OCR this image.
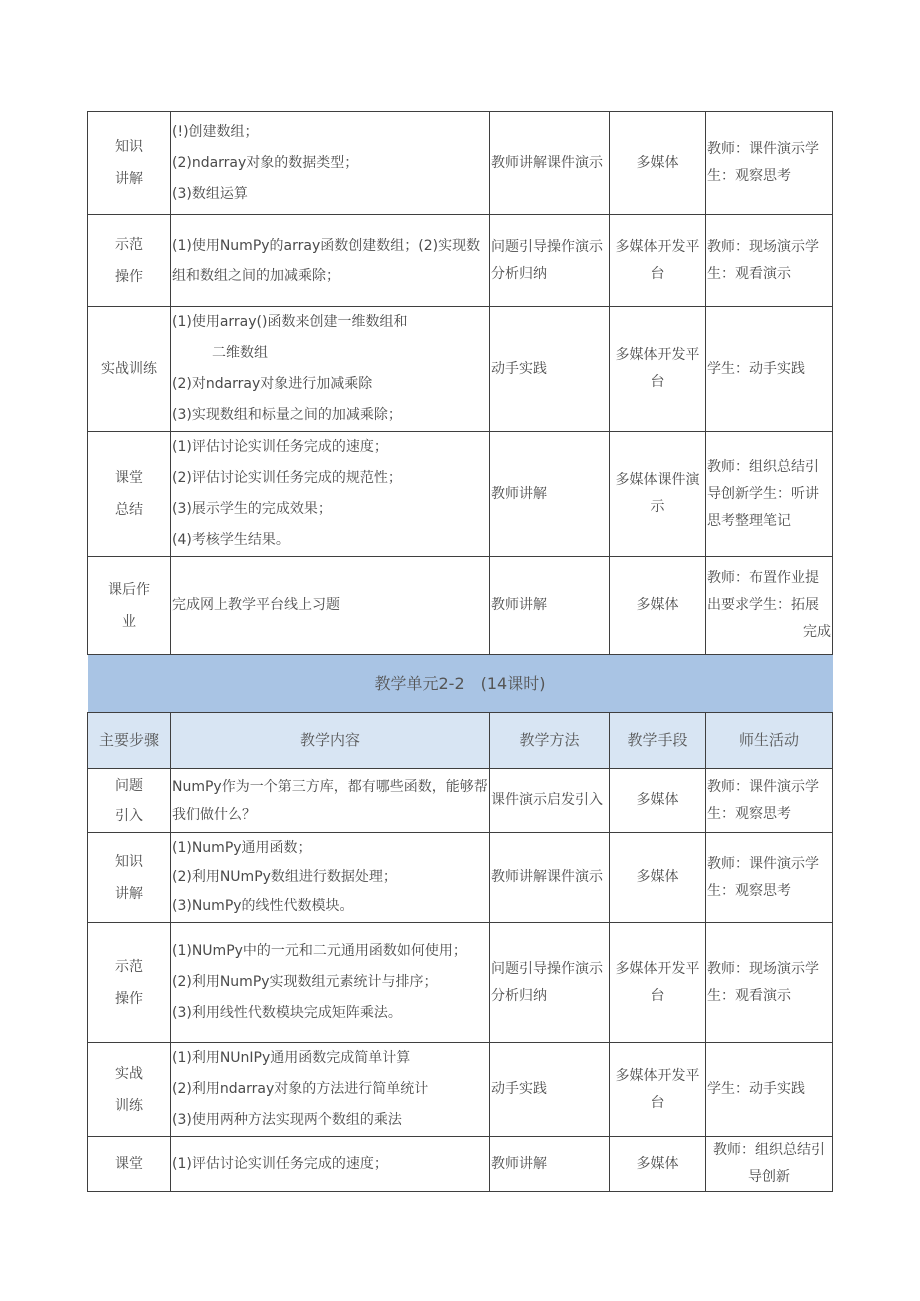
知识
讲解	(!)创建数组；
(2)ndarray对象的数据类型；
(3)数组运算	教师讲解课件演示	多媒体	教师：课件演示学生：观察思考

示范
操作	(1)使用NumPy的array函数创建数组；(2)实现数组和数组之间的加减乘除；	问题引导操作演示分析归纳	多媒体开发平台	教师：现场演示学生：观看演示

实战训练	(1)使用array()函数来创建一维数组和
二维数组
(2)对ndarray对象进行加减乘除
(3)实现数组和标量之间的加减乘除；	动手实践	多媒体开发平台	学生：动手实践

课堂
总结	(1)评估讨论实训任务完成的速度；
(2)评估讨论实训任务完成的规范性；
(3)展示学生的完成效果；
(4)考核学生结果。	教师讲解	多媒体课件演示	教师：组织总结引导创新学生：听讲思考整理笔记

课后作
业	完成网上教学平台线上习题	教师讲解	多媒体	教师：布置作业提出要求学生：拓展
完成

教学单元2-2　(14课时)				
主要步骤	教学内容	教学方法	教学手段	师生活动

问题
引入	NumPy作为一个第三方库，都有哪些函数，能够帮我们做什么？	课件演示启发引入	多媒体	教师：课件演示学生：观察思考

知识
讲解	(1)NumPy通用函数；
(2)利用NUmPy数组进行数据处理；
(3)NumPy的线性代数模块。	教师讲解课件演示	多媒体	教师：课件演示学生：观察思考

示范
操作	(1)NUmPy中的一元和二元通用函数如何使用；
(2)利用NumPy实现数组元素统计与排序；
(3)利用线性代数模块完成矩阵乘法。	问题引导操作演示分析归纳	多媒体开发平台	教师：现场演示学生：观看演示

实战
训练	(1)利用NUnIPy通用函数完成简单计算
(2)利用ndarray对象的方法进行简单统计
(3)使用两种方法实现两个数组的乘法	动手实践	多媒体开发平台	学生：动手实践

课堂	(1)评估讨论实训任务完成的速度；	教师讲解	多媒体	教师：组织总结引导创新
